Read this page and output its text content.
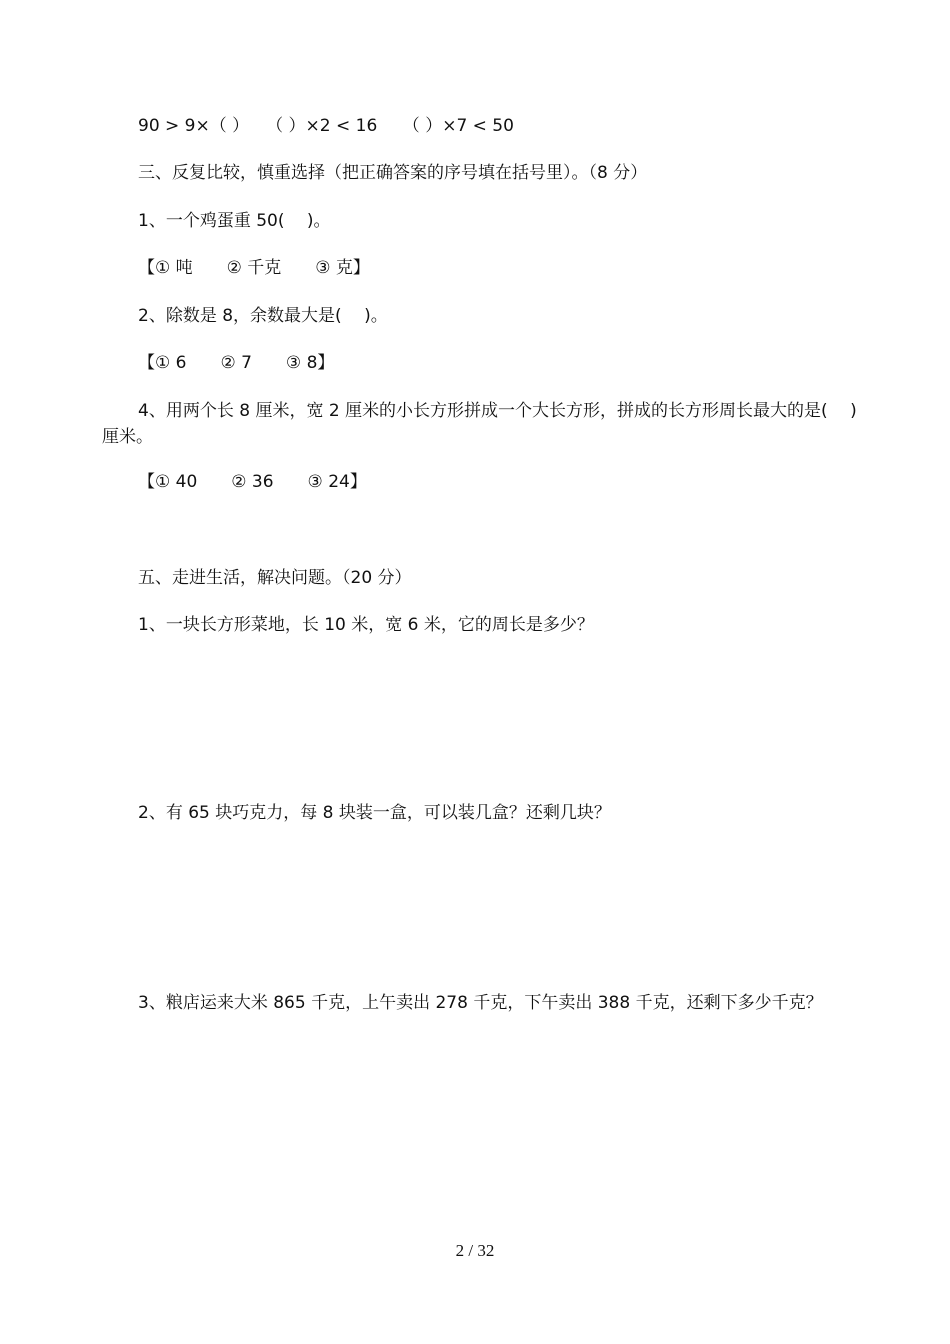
90 > 9×（ ）　　（ ）×2 < 16　　（ ）×7 < 50
三、反复比较，慎重选择（把正确答案的序号填在括号里）。（8 分）
1、一个鸡蛋重 50(　 )。
【① 吨　　② 千克　　③ 克】
2、除数是 8，余数最大是(　 )。
【① 6　　② 7　　③ 8】
4、用两个长 8 厘米，宽 2 厘米的小长方形拼成一个大长方形，拼成的长方形周长最大的是(　 )厘米。
【① 40　　② 36　　③ 24】
五、走进生活，解决问题。（20 分）
1、一块长方形菜地，长 10 米，宽 6 米，它的周长是多少？
2、有 65 块巧克力，每 8 块装一盒，可以装几盒？还剩几块？
3、粮店运来大米 865 千克，上午卖出 278 千克，下午卖出 388 千克，还剩下多少千克？
2 / 32
